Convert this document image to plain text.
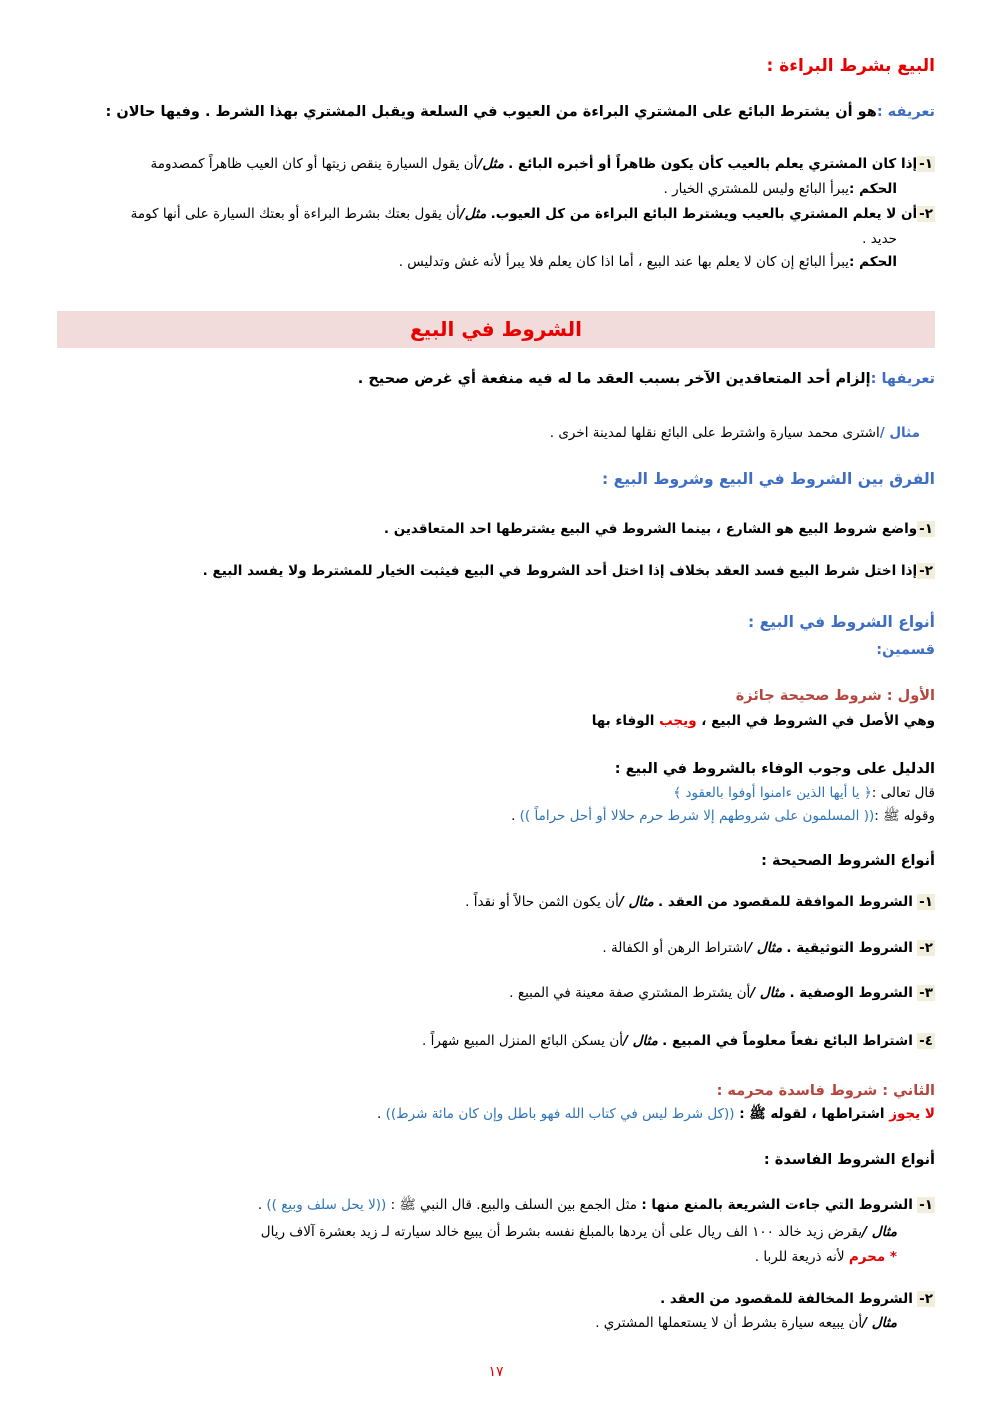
البيع بشرط البراءة :
تعريفه :هو أن يشترط البائع على المشتري البراءة من العيوب في السلعة ويقبل المشتري بهذا الشرط . وفيها حالان :
١-إذا كان المشتري يعلم بالعيب كأن يكون ظاهراً أو أخبره البائع . مثل/أن يقول السيارة ينقص زيتها أو كان العيب ظاهراً كمصدومة
الحكم :يبرأ البائع وليس للمشتري الخيار .
٢-أن لا يعلم المشتري بالعيب ويشترط البائع البراءة من كل العيوب. مثل/أن يقول بعتك بشرط البراءة أو بعتك السيارة على أنها كومة
حديد .
الحكم :يبرأ البائع إن كان لا يعلم بها عند البيع ، أما اذا كان يعلم فلا يبرأ لأنه غش وتدليس .
الشروط في البيع
تعريفها :إلزام أحد المتعاقدين الآخر بسبب العقد ما له فيه منفعة أي غرض صحيح .
مثال /اشترى محمد سيارة واشترط على البائع نقلها لمدينة اخرى .
الفرق بين الشروط في البيع وشروط البيع :
١-واضع شروط البيع هو الشارع ، بينما الشروط في البيع يشترطها احد المتعاقدين .
٢-إذا اختل شرط البيع فسد العقد بخلاف إذا اختل أحد الشروط في البيع فيثبت الخيار للمشترط ولا يفسد البيع .
أنواع الشروط في البيع :
قسمين:
الأول : شروط صحيحة جائزة
وهي الأصل في الشروط في البيع ، ويجب الوفاء بها
الدليل على وجوب الوفاء بالشروط في البيع :
قال تعالى :﴿ يا أيها الذين ءامنوا أوفوا بالعقود ﴾
وقوله ﷺ :(( المسلمون على شروطهم إلا شرط حرم حلالا أو أحل حراماً )) .
أنواع الشروط الصحيحة :
١- الشروط الموافقة للمقصود من العقد . مثال /أن يكون الثمن حالاً أو نقداً .
٢- الشروط التوثيقية . مثال /اشتراط الرهن أو الكفالة .
٣- الشروط الوصفية . مثال /أن يشترط المشتري صفة معينة في المبيع .
٤- اشتراط البائع نفعاً معلوماً في المبيع . مثال /أن يسكن البائع المنزل المبيع شهراً .
الثاني : شروط فاسدة محرمه :
لا يجوز اشتراطها ، لقوله ﷺ : ((كل شرط ليس في كتاب الله فهو باطل وإن كان مائة شرط)) .
أنواع الشروط الفاسدة :
١- الشروط التي جاءت الشريعة بالمنع منها : مثل الجمع بين السلف والبيع. قال النبي ﷺ : ((لا يحل سلف وبيع )) .
مثال /يقرض زيد خالد ١٠٠ الف ريال على أن يردها بالمبلغ نفسه بشرط أن يبيع خالد سيارته لـ زيد بعشرة آلاف ريال
* محرم لأنه ذريعة للربا .
٢- الشروط المخالفة للمقصود من العقد .
مثال /أن يبيعه سيارة بشرط أن لا يستعملها المشتري .
١٧
